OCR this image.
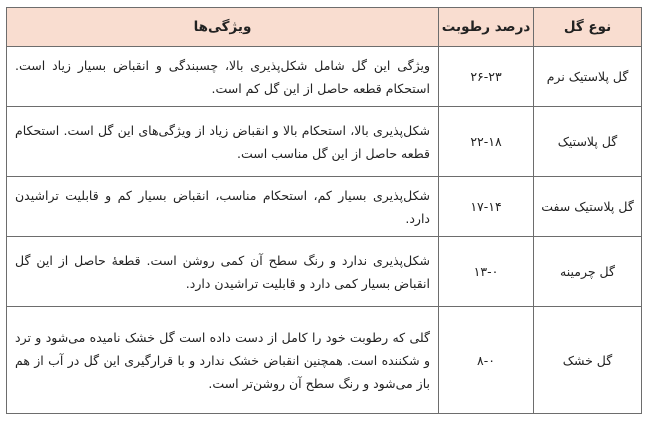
نوع گل	درصد رطوبت	ویژگی‌ها
گل پلاستیک نرم	۲۶-۲۳	ویژگی این گل شامل شکل‌پذیری بالا، چسبندگی و انقباض بسیار زیاد است. استحکام قطعه حاصل از این گل کم است.
گل پلاستیک	۲۲-۱۸	شکل‌پذیری بالا، استحکام بالا و انقباض زیاد از ویژگی‌های این گل است. استحکام قطعه حاصل از این گل مناسب است.
گل پلاستیک سفت	۱۷-۱۴	شکل‌پذیری بسیار کم، استحکام مناسب، انقباض بسیار کم و قابلیت تراشیدن دارد.
گل چرمینه	۱۳-۰	شکل‌پذیری ندارد و رنگ سطح آن کمی روشن است. قطعهٔ حاصل از این گل انقباض بسیار کمی دارد و قابلیت تراشیدن دارد.
گل خشک	۸-۰	گلی که رطوبت خود را کامل از دست داده است گل خشک نامیده می‌شود و ترد و شکننده است. همچنین انقباض خشک ندارد و با قرارگیری این گل در آب از هم باز می‌شود و رنگ سطح آن روشن‌تر است.
